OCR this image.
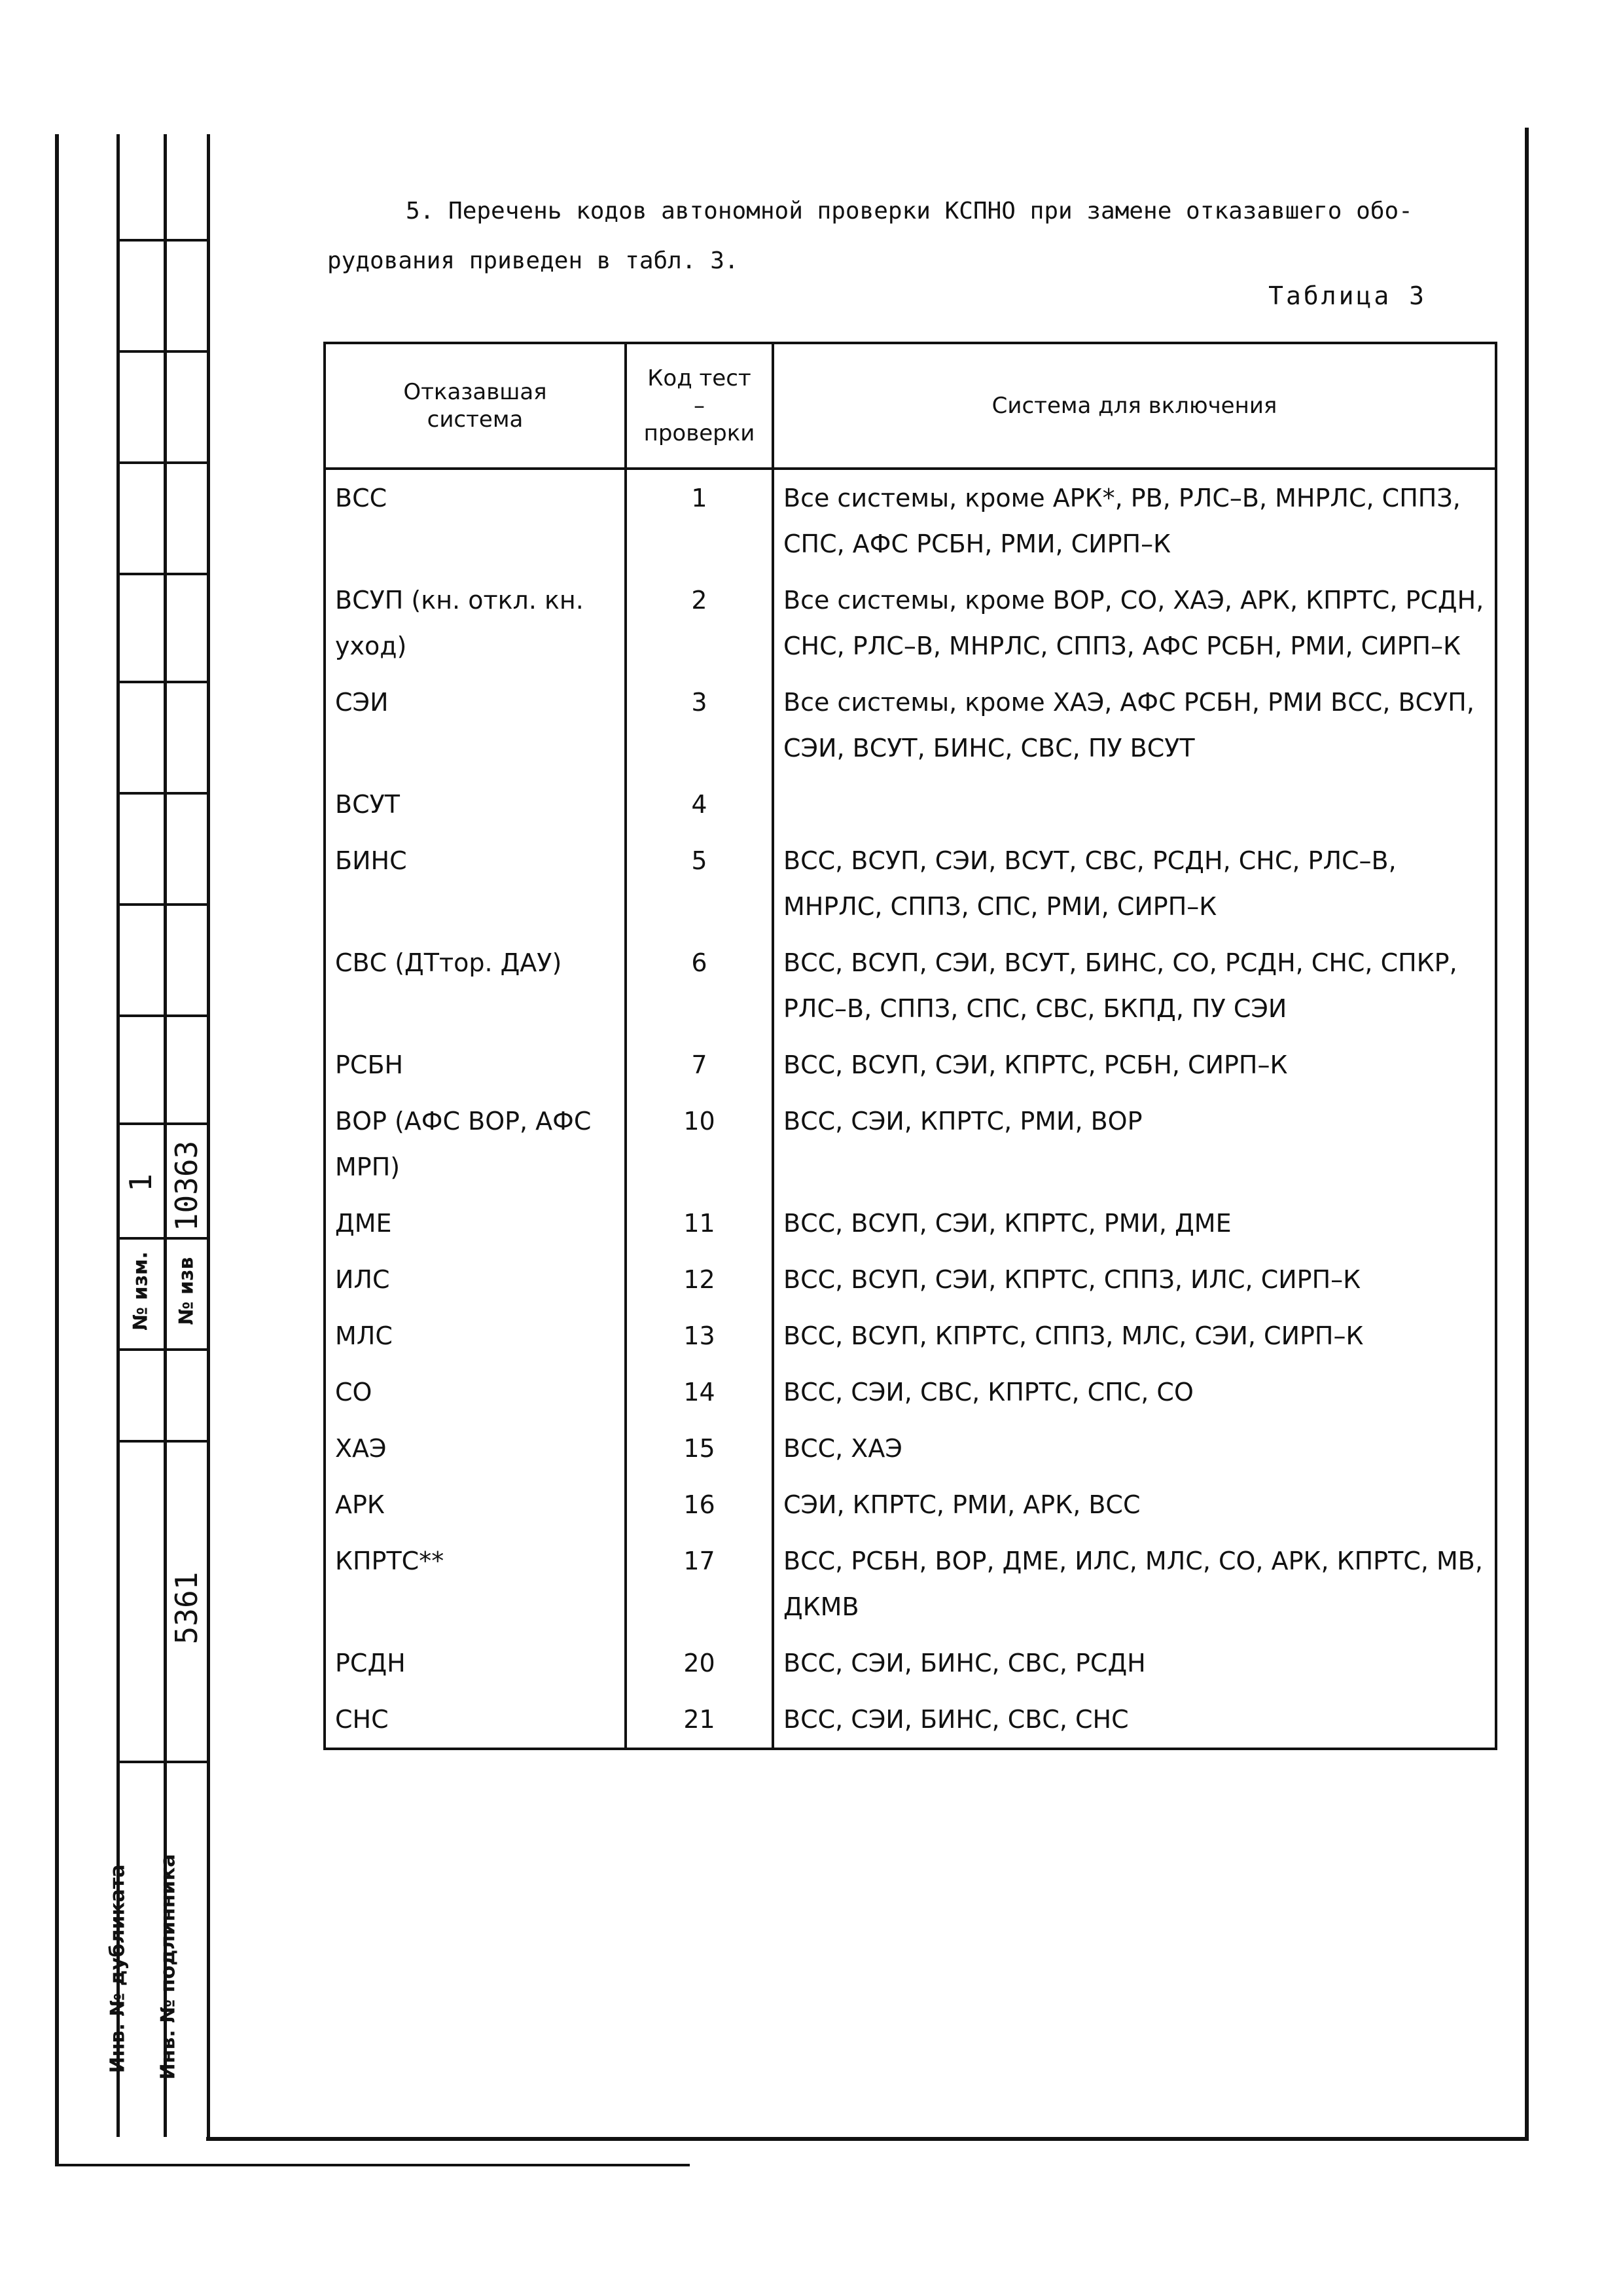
№ изм.
1
№ изв
10363
5361
Инв. № дубликата Инв. № подлинника
5. Перечень кодов автономной проверки КСПНО при замене отказавшего обо-
рудования приведен в табл. 3.
Таблица 3
Отказавшая система	Код тест – проверки	Система для включения
ВСС	1	Все системы, кроме АРК*, РВ, РЛС–В, МНРЛС, СППЗ, СПС, АФС РСБН, РМИ, СИРП–К
ВСУП (кн. откл. кн. уход)	2	Все системы, кроме ВОР, СО, ХАЭ, АРК, КПРТС, РСДН, СНС, РЛС–В, МНРЛС, СППЗ, АФС РСБН, РМИ, СИРП–К
СЭИ	3	Все системы, кроме ХАЭ, АФС РСБН, РМИ ВСС, ВСУП, СЭИ, ВСУТ, БИНС, СВС, ПУ ВСУТ
ВСУТ	4	
БИНС	5	ВСС, ВСУП, СЭИ, ВСУТ, СВС, РСДН, СНС, РЛС–В, МНРЛС, СППЗ, СПС, РМИ, СИРП–К
СВС (ДТтор. ДАУ)	6	ВСС, ВСУП, СЭИ, ВСУТ, БИНС, СО, РСДН, СНС, СПКР, РЛС–В, СППЗ, СПС, СВС, БКПД, ПУ СЭИ
РСБН	7	ВСС, ВСУП, СЭИ, КПРТС, РСБН, СИРП–К
ВОР (АФС ВОР, АФС МРП)	10	ВСС, СЭИ, КПРТС, РМИ, ВОР
ДМЕ	11	ВСС, ВСУП, СЭИ, КПРТС, РМИ, ДМЕ
ИЛС	12	ВСС, ВСУП, СЭИ, КПРТС, СППЗ, ИЛС, СИРП–К
МЛС	13	ВСС, ВСУП, КПРТС, СППЗ, МЛС, СЭИ, СИРП–К
СО	14	ВСС, СЭИ, СВС, КПРТС, СПС, СО
ХАЭ	15	ВСС, ХАЭ
АРК	16	СЭИ, КПРТС, РМИ, АРК, ВСС
КПРТС**	17	ВСС, РСБН, ВОР, ДМЕ, ИЛС, МЛС, СО, АРК, КПРТС, МВ, ДКМВ
РСДН	20	ВСС, СЭИ, БИНС, СВС, РСДН
СНС	21	ВСС, СЭИ, БИНС, СВС, СНС
